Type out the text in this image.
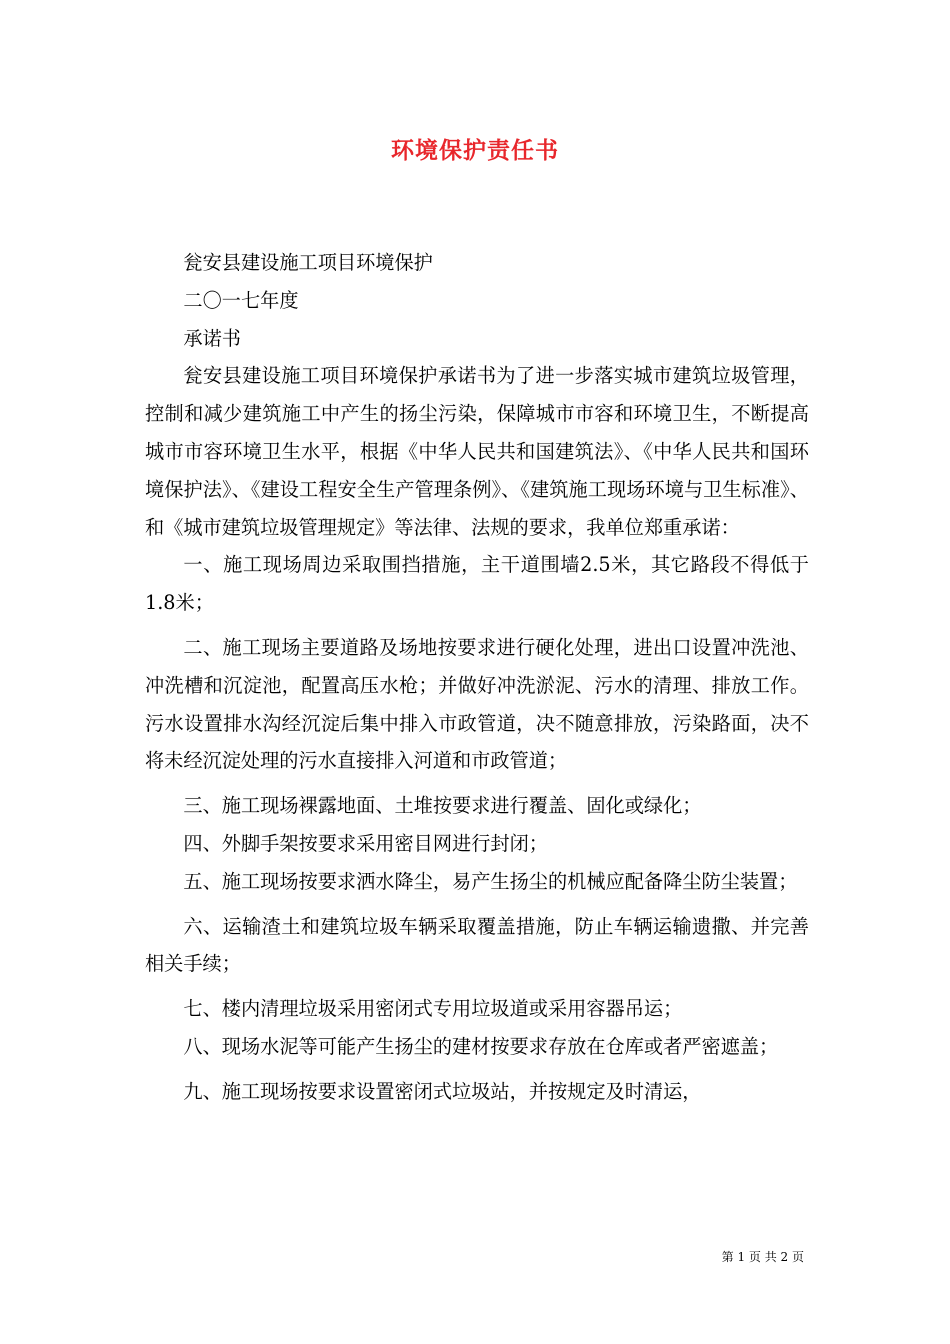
环境保护责任书

瓮安县建设施工项目环境保护

二〇一七年度

承诺书

瓮安县建设施工项目环境保护承诺书为了进一步落实城市建筑垃圾管理，控制和减少建筑施工中产生的扬尘污染，保障城市市容和环境卫生，不断提高城市市容环境卫生水平，根据《中华人民共和国建筑法》、《中华人民共和国环境保护法》、《建设工程安全生产管理条例》、《建筑施工现场环境与卫生标准》、和《城市建筑垃圾管理规定》等法律、法规的要求，我单位郑重承诺：

一、施工现场周边采取围挡措施，主干道围墙2.5米，其它路段不得低于1.8米；

二、施工现场主要道路及场地按要求进行硬化处理，进出口设置冲洗池、冲洗槽和沉淀池，配置高压水枪；并做好冲洗淤泥、污水的清理、排放工作。污水设置排水沟经沉淀后集中排入市政管道，决不随意排放，污染路面，决不将未经沉淀处理的污水直接排入河道和市政管道；

三、施工现场裸露地面、土堆按要求进行覆盖、固化或绿化；

四、外脚手架按要求采用密目网进行封闭；

五、施工现场按要求洒水降尘，易产生扬尘的机械应配备降尘防尘装置；

六、运输渣土和建筑垃圾车辆采取覆盖措施，防止车辆运输遗撒、并完善相关手续；

七、楼内清理垃圾采用密闭式专用垃圾道或采用容器吊运；

八、现场水泥等可能产生扬尘的建材按要求存放在仓库或者严密遮盖；

九、施工现场按要求设置密闭式垃圾站，并按规定及时清运，

第 1 页 共 2 页
